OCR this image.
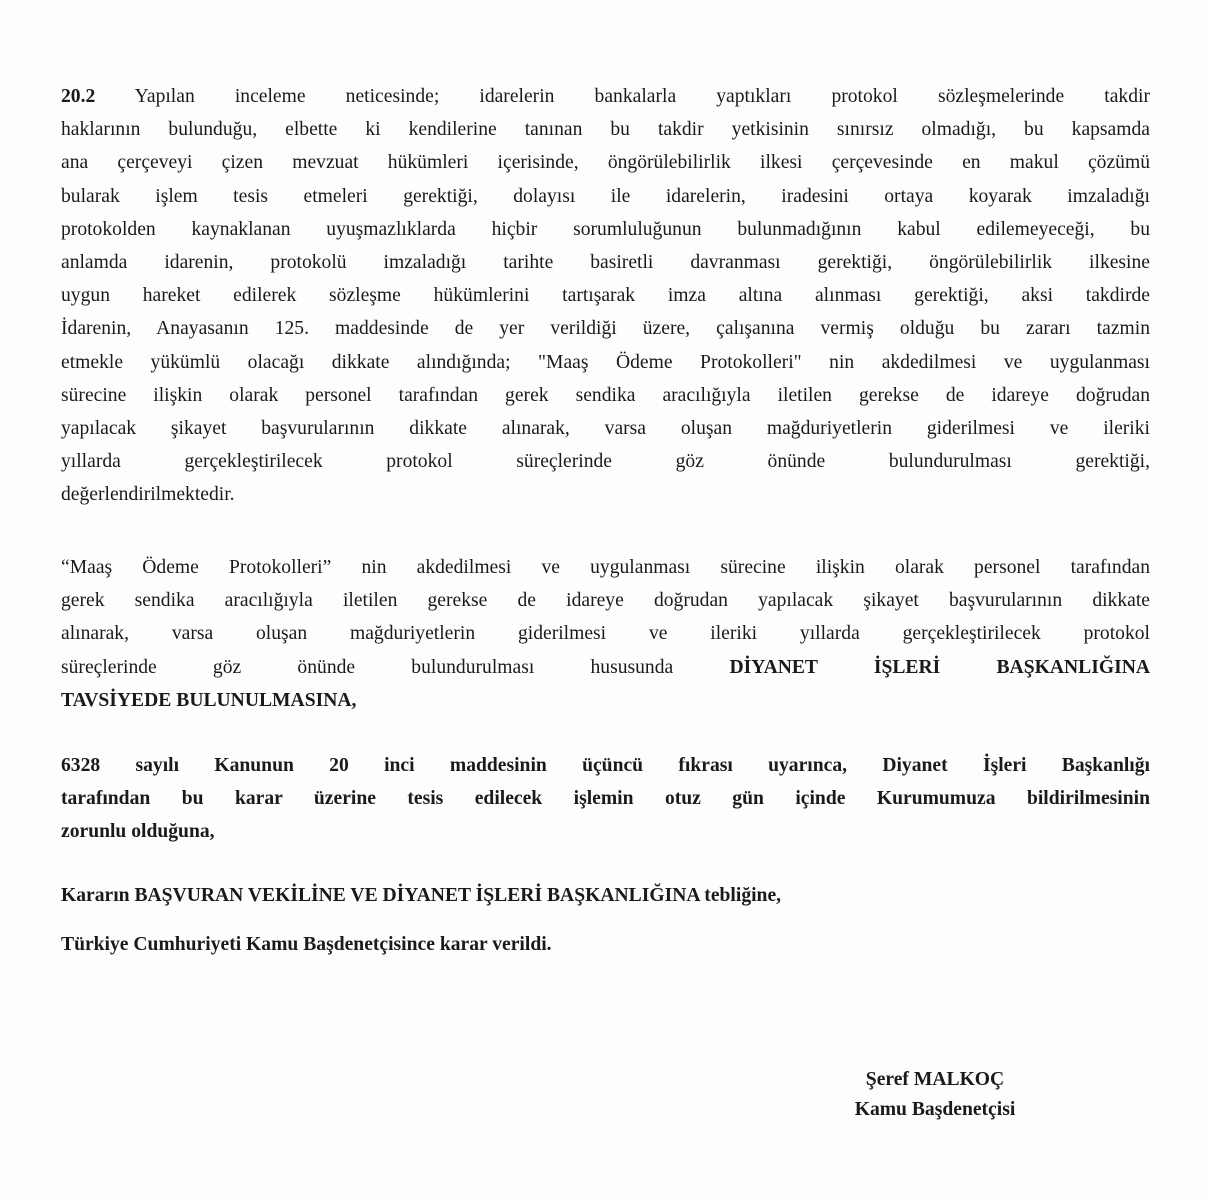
20.2 Yapılan inceleme neticesinde; idarelerin bankalarla yaptıkları protokol sözleşmelerinde takdir
haklarının bulunduğu, elbette ki kendilerine tanınan bu takdir yetkisinin sınırsız olmadığı, bu kapsamda
ana çerçeveyi çizen mevzuat hükümleri içerisinde, öngörülebilirlik ilkesi çerçevesinde en makul çözümü
bularak işlem tesis etmeleri gerektiği, dolayısı ile idarelerin, iradesini ortaya koyarak imzaladığı
protokolden kaynaklanan uyuşmazlıklarda hiçbir sorumluluğunun bulunmadığının kabul edilemeyeceği, bu
anlamda idarenin, protokolü imzaladığı tarihte basiretli davranması gerektiği, öngörülebilirlik ilkesine
uygun hareket edilerek sözleşme hükümlerini tartışarak imza altına alınması gerektiği, aksi takdirde
İdarenin, Anayasanın 125. maddesinde de yer verildiği üzere, çalışanına vermiş olduğu bu zararı tazmin
etmekle yükümlü olacağı dikkate alındığında; "Maaş Ödeme Protokolleri" nin akdedilmesi ve uygulanması
sürecine ilişkin olarak personel tarafından gerek sendika aracılığıyla iletilen gerekse de idareye doğrudan
yapılacak şikayet başvurularının dikkate alınarak, varsa oluşan mağduriyetlerin giderilmesi ve ileriki
yıllarda gerçekleştirilecek protokol süreçlerinde göz önünde bulundurulması gerektiği,
değerlendirilmektedir.
“Maaş Ödeme Protokolleri” nin akdedilmesi ve uygulanması sürecine ilişkin olarak personel tarafından
gerek sendika aracılığıyla iletilen gerekse de idareye doğrudan yapılacak şikayet başvurularının dikkate
alınarak, varsa oluşan mağduriyetlerin giderilmesi ve ileriki yıllarda gerçekleştirilecek protokol
süreçlerinde göz önünde bulundurulması hususunda DİYANET İŞLERİ BAŞKANLIĞINA
TAVSİYEDE BULUNULMASINA,
6328 sayılı Kanunun 20 inci maddesinin üçüncü fıkrası uyarınca, Diyanet İşleri Başkanlığı
tarafından bu karar üzerine tesis edilecek işlemin otuz gün içinde Kurumumuza bildirilmesinin
zorunlu olduğuna,
Kararın BAŞVURAN VEKİLİNE VE DİYANET İŞLERİ BAŞKANLIĞINA tebliğine,
Türkiye Cumhuriyeti Kamu Başdenetçisince karar verildi.
Şeref MALKOÇ
Kamu Başdenetçisi
